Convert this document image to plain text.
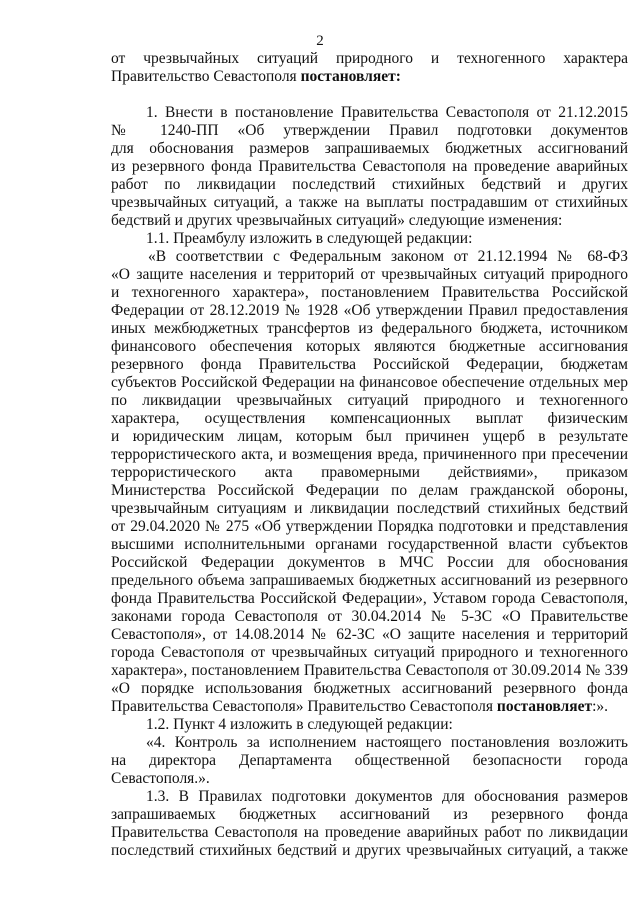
2
от чрезвычайных ситуаций природного и техногенного характера
Правительство Севастополя постановляет:
1. Внести в постановление Правительства Севастополя от 21.12.2015
№ 1240-ПП «Об утверждении Правил подготовки документов
для обоснования размеров запрашиваемых бюджетных ассигнований
из резервного фонда Правительства Севастополя на проведение аварийных
работ по ликвидации последствий стихийных бедствий и других
чрезвычайных ситуаций, а также на выплаты пострадавшим от стихийных
бедствий и других чрезвычайных ситуаций» следующие изменения:
1.1. Преамбулу изложить в следующей редакции:
«В соответствии с Федеральным законом от 21.12.1994 № 68-ФЗ
«О защите населения и территорий от чрезвычайных ситуаций природного
и техногенного характера», постановлением Правительства Российской
Федерации от 28.12.2019 № 1928 «Об утверждении Правил предоставления
иных межбюджетных трансфертов из федерального бюджета, источником
финансового обеспечения которых являются бюджетные ассигнования
резервного фонда Правительства Российской Федерации, бюджетам
субъектов Российской Федерации на финансовое обеспечение отдельных мер
по ликвидации чрезвычайных ситуаций природного и техногенного
характера, осуществления компенсационных выплат физическим
и юридическим лицам, которым был причинен ущерб в результате
террористического акта, и возмещения вреда, причиненного при пресечении
террористического акта правомерными действиями», приказом
Министерства Российской Федерации по делам гражданской обороны,
чрезвычайным ситуациям и ликвидации последствий стихийных бедствий
от 29.04.2020 № 275 «Об утверждении Порядка подготовки и представления
высшими исполнительными органами государственной власти субъектов
Российской Федерации документов в МЧС России для обоснования
предельного объема запрашиваемых бюджетных ассигнований из резервного
фонда Правительства Российской Федерации», Уставом города Севастополя,
законами города Севастополя от 30.04.2014 № 5-ЗС «О Правительстве
Севастополя», от 14.08.2014 № 62-ЗС «О защите населения и территорий
города Севастополя от чрезвычайных ситуаций природного и техногенного
характера», постановлением Правительства Севастополя от 30.09.2014 № 339
«О порядке использования бюджетных ассигнований резервного фонда
Правительства Севастополя» Правительство Севастополя постановляет:».
1.2. Пункт 4 изложить в следующей редакции:
«4. Контроль за исполнением настоящего постановления возложить
на директора Департамента общественной безопасности города
Севастополя.».
1.3. В Правилах подготовки документов для обоснования размеров
запрашиваемых бюджетных ассигнований из резервного фонда
Правительства Севастополя на проведение аварийных работ по ликвидации
последствий стихийных бедствий и других чрезвычайных ситуаций, а также
